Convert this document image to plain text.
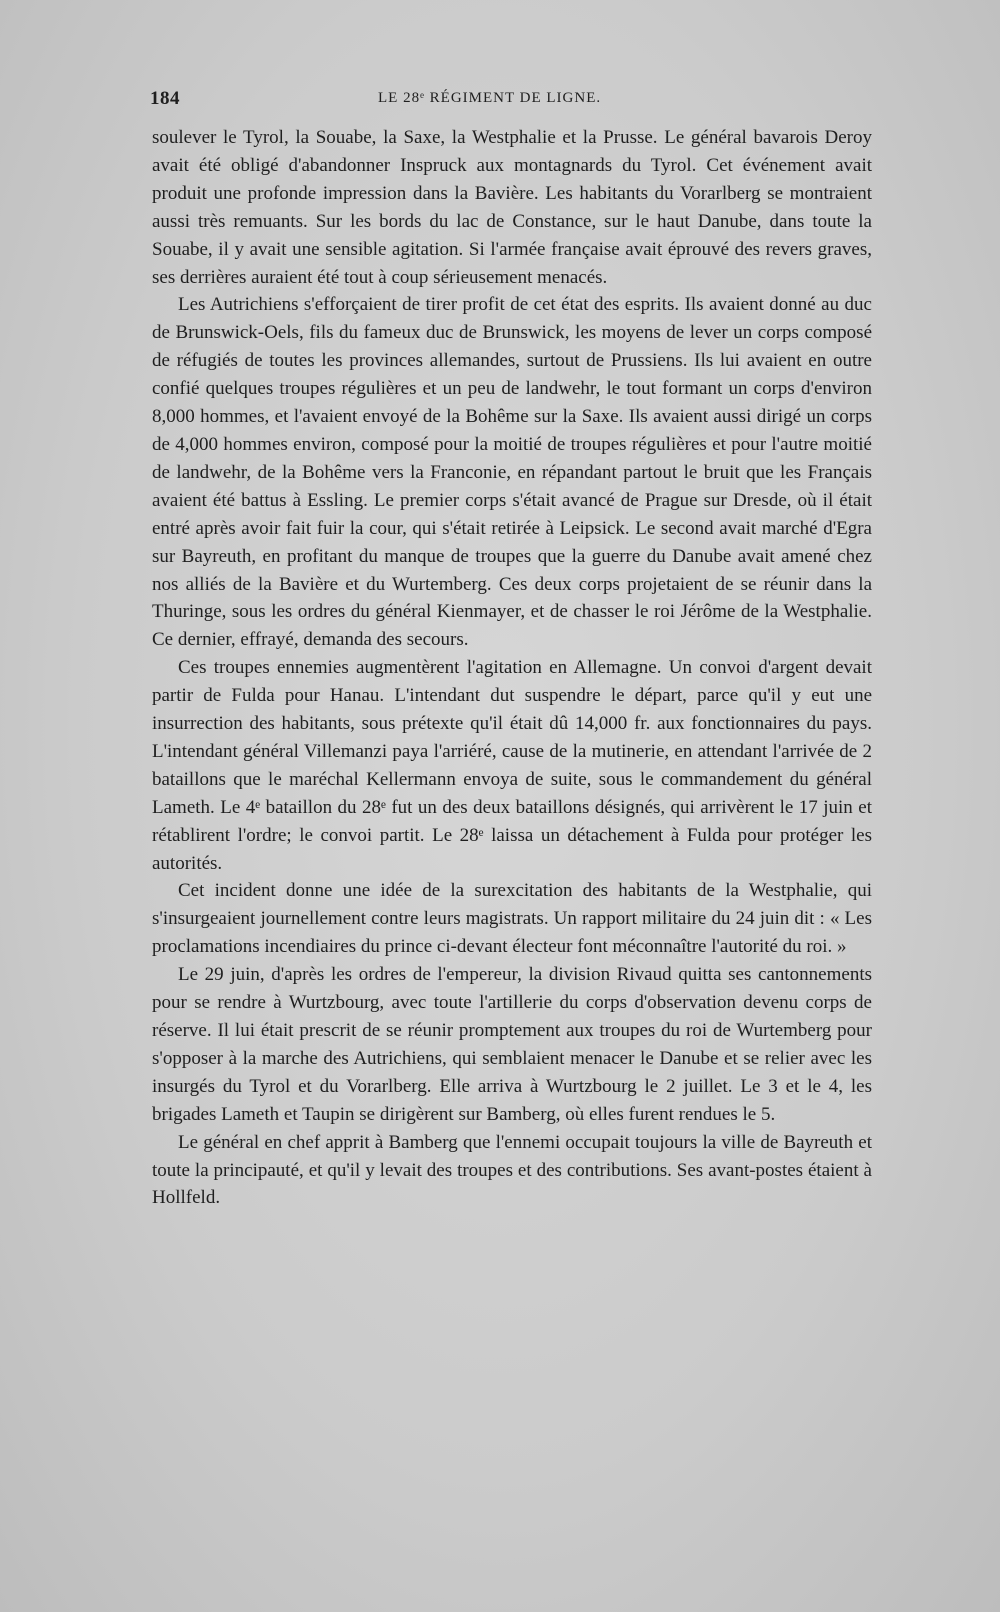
184	LE 28ᵉ RÉGIMENT DE LIGNE.

soulever le Tyrol, la Souabe, la Saxe, la Westphalie et la Prusse. Le général bavarois Deroy avait été obligé d'abandonner Inspruck aux montagnards du Tyrol. Cet événement avait produit une profonde impression dans la Bavière. Les habitants du Vorarlberg se montraient aussi très remuants. Sur les bords du lac de Constance, sur le haut Danube, dans toute la Souabe, il y avait une sensible agitation. Si l'armée française avait éprouvé des revers graves, ses derrières auraient été tout à coup sérieusement menacés.

Les Autrichiens s'efforçaient de tirer profit de cet état des esprits. Ils avaient donné au duc de Brunswick-Oels, fils du fameux duc de Brunswick, les moyens de lever un corps composé de réfugiés de toutes les provinces allemandes, surtout de Prussiens. Ils lui avaient en outre confié quelques troupes régulières et un peu de landwehr, le tout formant un corps d'environ 8,000 hommes, et l'avaient envoyé de la Bohême sur la Saxe. Ils avaient aussi dirigé un corps de 4,000 hommes environ, composé pour la moitié de troupes régulières et pour l'autre moitié de landwehr, de la Bohême vers la Franconie, en répandant partout le bruit que les Français avaient été battus à Essling. Le premier corps s'était avancé de Prague sur Dresde, où il était entré après avoir fait fuir la cour, qui s'était retirée à Leipsick. Le second avait marché d'Egra sur Bayreuth, en profitant du manque de troupes que la guerre du Danube avait amené chez nos alliés de la Bavière et du Wurtemberg. Ces deux corps projetaient de se réunir dans la Thuringe, sous les ordres du général Kienmayer, et de chasser le roi Jérôme de la Westphalie. Ce dernier, effrayé, demanda des secours.

Ces troupes ennemies augmentèrent l'agitation en Allemagne. Un convoi d'argent devait partir de Fulda pour Hanau. L'intendant dut suspendre le départ, parce qu'il y eut une insurrection des habitants, sous prétexte qu'il était dû 14,000 fr. aux fonctionnaires du pays. L'intendant général Villemanzi paya l'arriéré, cause de la mutinerie, en attendant l'arrivée de 2 bataillons que le maréchal Kellermann envoya de suite, sous le commandement du général Lameth. Le 4ᵉ bataillon du 28ᵉ fut un des deux bataillons désignés, qui arrivèrent le 17 juin et rétablirent l'ordre; le convoi partit. Le 28ᵉ laissa un détachement à Fulda pour protéger les autorités.

Cet incident donne une idée de la surexcitation des habitants de la Westphalie, qui s'insurgeaient journellement contre leurs magistrats. Un rapport militaire du 24 juin dit : « Les proclamations incendiaires du prince ci-devant électeur font méconnaître l'autorité du roi. »

Le 29 juin, d'après les ordres de l'empereur, la division Rivaud quitta ses cantonnements pour se rendre à Wurtzbourg, avec toute l'artillerie du corps d'observation devenu corps de réserve. Il lui était prescrit de se réunir promptement aux troupes du roi de Wurtemberg pour s'opposer à la marche des Autrichiens, qui semblaient menacer le Danube et se relier avec les insurgés du Tyrol et du Vorarlberg. Elle arriva à Wurtzbourg le 2 juillet. Le 3 et le 4, les brigades Lameth et Taupin se dirigèrent sur Bamberg, où elles furent rendues le 5.

Le général en chef apprit à Bamberg que l'ennemi occupait toujours la ville de Bayreuth et toute la principauté, et qu'il y levait des troupes et des contributions. Ses avant-postes étaient à Hollfeld.
